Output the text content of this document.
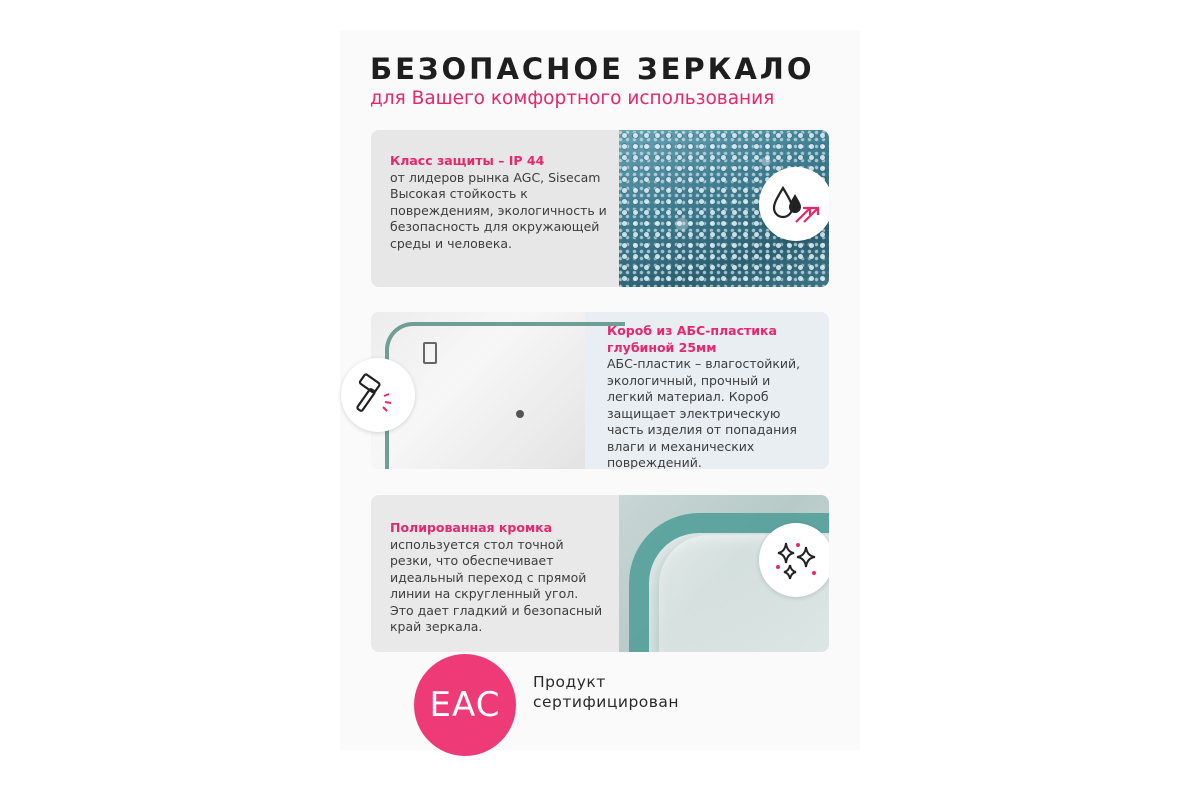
БЕЗОПАСНОЕ ЗЕРКАЛО

для Вашего комфортного использования

Класс защиты – IP 44
от лидеров рынка AGC, Sisecam
Высокая стойкость к
повреждениям, экологичность и
безопасность для окружающей
среды и человека.
Короб из АБС-пластика
глубиной 25мм
АБС-пластик – влагостойкий,
экологичный, прочный и
легкий материал. Короб
защищает электрическую
часть изделия от попадания
влаги и механических
повреждений.
Полированная кромка
используется стол точной
резки, что обеспечивает
идеальный переход с прямой
линии на скругленный угол.
Это дает гладкий и безопасный
край зеркала.
EAC
Продукт
сертифицирован
